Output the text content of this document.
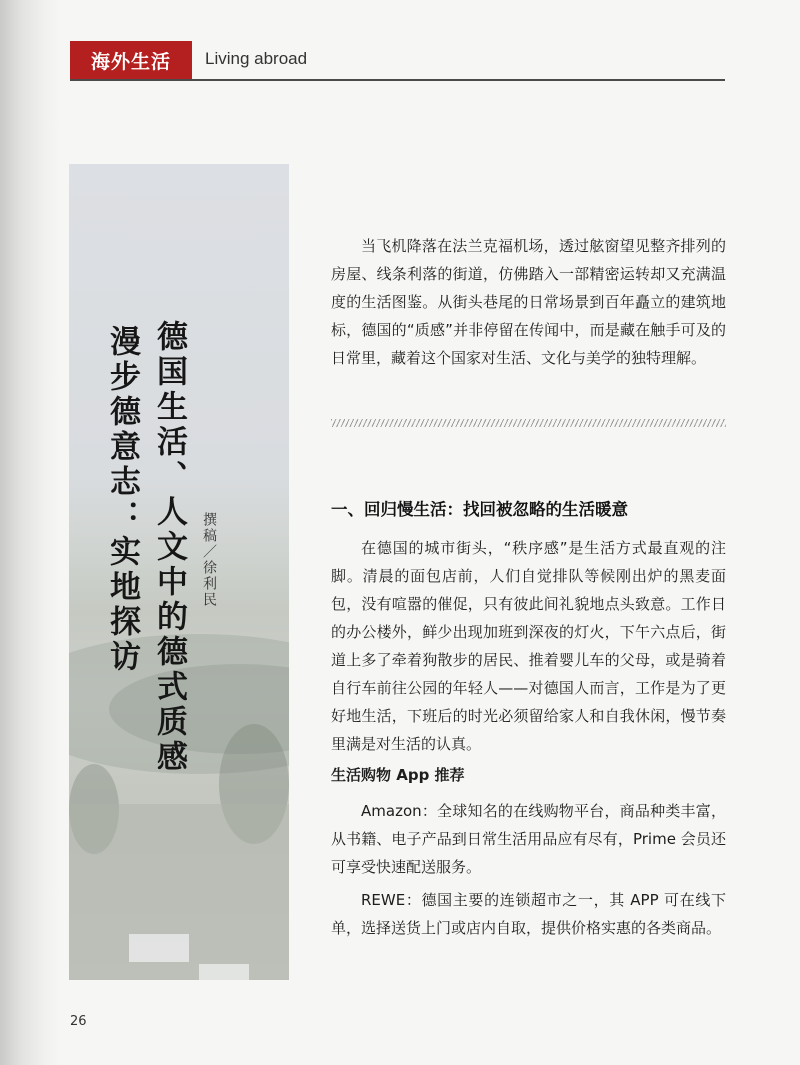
海外生活	Living abroad
德国生活、人文中的德式质感
漫步德意志：实地探访	撰稿／徐利民

当飞机降落在法兰克福机场，透过舷窗望见整齐排列的房屋、线条利落的街道，仿佛踏入一部精密运转却又充满温度的生活图鉴。从街头巷尾的日常场景到百年矗立的建筑地标，德国的“质感”并非停留在传闻中，而是藏在触手可及的日常里，藏着这个国家对生活、文化与美学的独特理解。

一、回归慢生活：找回被忽略的生活暖意

在德国的城市街头，“秩序感”是生活方式最直观的注脚。清晨的面包店前，人们自觉排队等候刚出炉的黑麦面包，没有喧嚣的催促，只有彼此间礼貌地点头致意。工作日的办公楼外，鲜少出现加班到深夜的灯火，下午六点后，街道上多了牵着狗散步的居民、推着婴儿车的父母，或是骑着自行车前往公园的年轻人——对德国人而言，工作是为了更好地生活，下班后的时光必须留给家人和自我休闲，慢节奏里满是对生活的认真。

生活购物 App 推荐

Amazon：全球知名的在线购物平台，商品种类丰富，从书籍、电子产品到日常生活用品应有尽有，Prime 会员还可享受快速配送服务。

REWE：德国主要的连锁超市之一，其 APP 可在线下单，选择送货上门或店内自取，提供价格实惠的各类商品。

26
